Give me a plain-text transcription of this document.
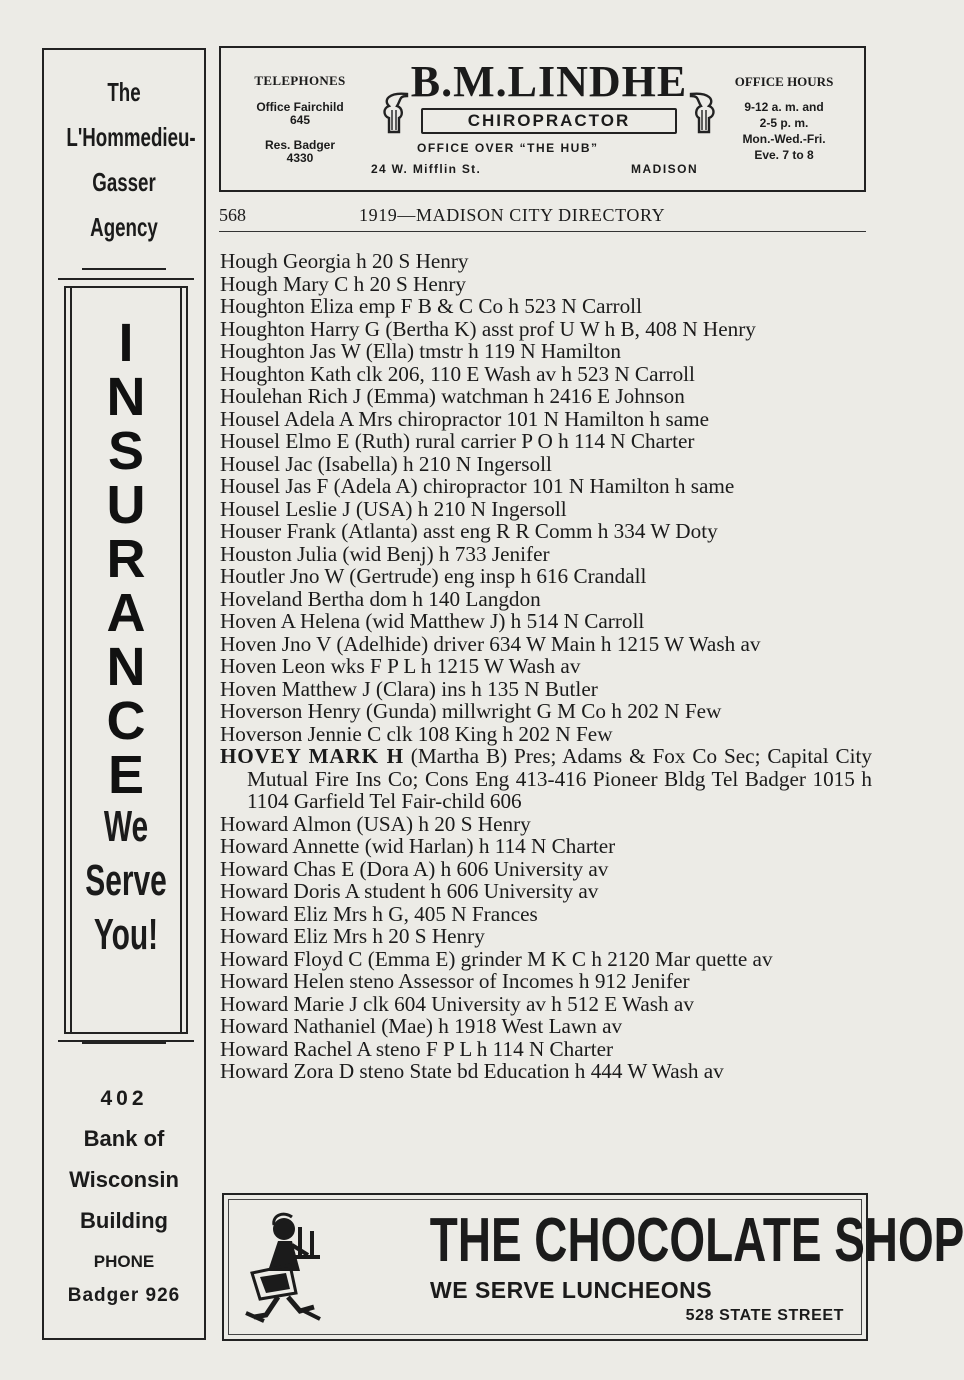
The
L'Hommedieu-
Gasser
Agency
I
N
S
U
R
A
N
C
E
We
Serve
You!
402
Bank of
Wisconsin
Building
PHONE
Badger 926
TELEPHONES
Office Fairchild
645
Res. Badger
4330
B.M.LINDHE
CHIROPRACTOR
OFFICE OVER “THE HUB”
24 W. Mifflin St.	MADISON
OFFICE HOURS
9-12 a. m. and
2-5 p. m.
Mon.-Wed.-Fri.
Eve. 7 to 8
568	1919—MADISON CITY DIRECTORY
Hough Georgia h 20 S Henry
Hough Mary C h 20 S Henry
Houghton Eliza emp F B & C Co h 523 N Carroll
Houghton Harry G (Bertha K) asst prof U W h B, 408 N Henry
Houghton Jas W (Ella) tmstr h 119 N Hamilton
Houghton Kath clk 206, 110 E Wash av h 523 N Carroll
Houlehan Rich J (Emma) watchman h 2416 E Johnson
Housel Adela A Mrs chiropractor 101 N Hamilton h same
Housel Elmo E (Ruth) rural carrier P O h 114 N Charter
Housel Jac (Isabella) h 210 N Ingersoll
Housel Jas F (Adela A) chiropractor 101 N Hamilton h same
Housel Leslie J (USA) h 210 N Ingersoll
Houser Frank (Atlanta) asst eng R R Comm h 334 W Doty
Houston Julia (wid Benj) h 733 Jenifer
Houtler Jno W (Gertrude) eng insp h 616 Crandall
Hoveland Bertha dom h 140 Langdon
Hoven A Helena (wid Matthew J) h 514 N Carroll
Hoven Jno V (Adelhide) driver 634 W Main h 1215 W Wash av
Hoven Leon wks F P L h 1215 W Wash av
Hoven Matthew J (Clara) ins h 135 N Butler
Hoverson Henry (Gunda) millwright G M Co h 202 N Few
Hoverson Jennie C clk 108 King h 202 N Few
HOVEY MARK H (Martha B) Pres; Adams & Fox Co Sec; Capital City Mutual Fire Ins Co; Cons Eng 413-416 Pioneer Bldg Tel Badger 1015 h 1104 Garfield Tel Fair-child 606
Howard Almon (USA) h 20 S Henry
Howard Annette (wid Harlan) h 114 N Charter
Howard Chas E (Dora A) h 606 University av
Howard Doris A student h 606 University av
Howard Eliz Mrs h G, 405 N Frances
Howard Eliz Mrs h 20 S Henry
Howard Floyd C (Emma E) grinder M K C h 2120 Mar quette av
Howard Helen steno Assessor of Incomes h 912 Jenifer
Howard Marie J clk 604 University av h 512 E Wash av
Howard Nathaniel (Mae) h 1918 West Lawn av
Howard Rachel A steno F P L h 114 N Charter
Howard Zora D steno State bd Education h 444 W Wash av
THE CHOCOLATE SHOP
WE SERVE LUNCHEONS
528 STATE STREET
